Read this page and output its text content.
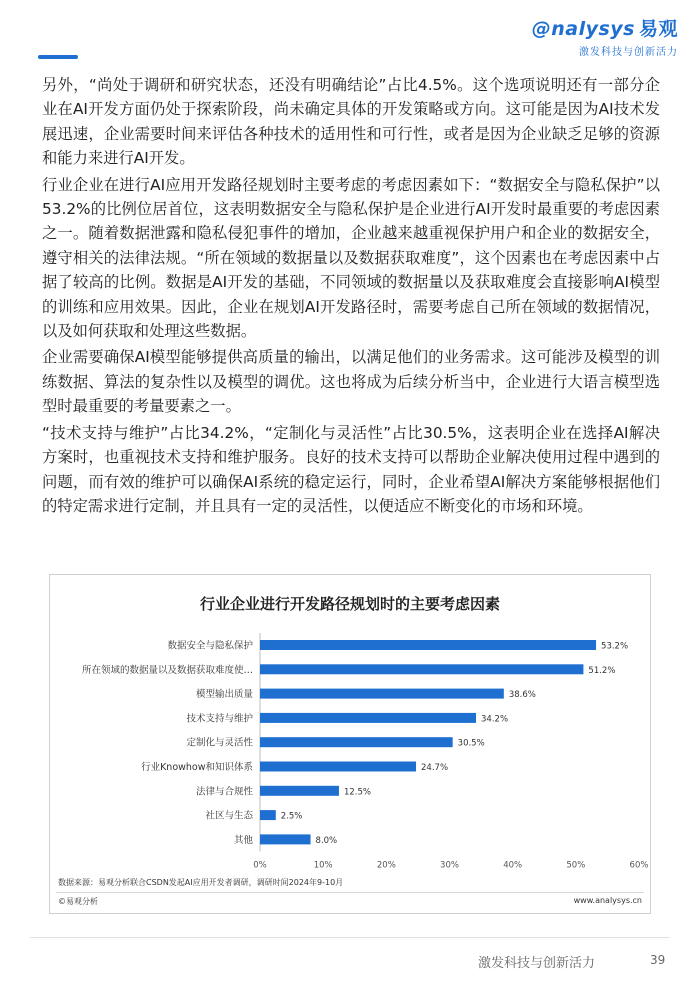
@nalysys 易观
激发科技与创新活力

另外，“尚处于调研和研究状态，还没有明确结论”占比4.5%。这个选项说明还有一部分企业在AI开发方面仍处于探索阶段，尚未确定具体的开发策略或方向。这可能是因为AI技术发展迅速，企业需要时间来评估各种技术的适用性和可行性，或者是因为企业缺乏足够的资源和能力来进行AI开发。

行业企业在进行AI应用开发路径规划时主要考虑的考虑因素如下：“数据安全与隐私保护”以53.2%的比例位居首位，这表明数据安全与隐私保护是企业进行AI开发时最重要的考虑因素之一。随着数据泄露和隐私侵犯事件的增加，企业越来越重视保护用户和企业的数据安全，遵守相关的法律法规。“所在领域的数据量以及数据获取难度”，这个因素也在考虑因素中占据了较高的比例。数据是AI开发的基础，不同领域的数据量以及获取难度会直接影响AI模型的训练和应用效果。因此，企业在规划AI开发路径时，需要考虑自己所在领域的数据情况，以及如何获取和处理这些数据。

企业需要确保AI模型能够提供高质量的输出，以满足他们的业务需求。这可能涉及模型的训练数据、算法的复杂性以及模型的调优。这也将成为后续分析当中，企业进行大语言模型选型时最重要的考量要素之一。

“技术支持与维护”占比34.2%，“定制化与灵活性”占比30.5%，这表明企业在选择AI解决方案时，也重视技术支持和维护服务。良好的技术支持可以帮助企业解决使用过程中遇到的问题，而有效的维护可以确保AI系统的稳定运行，同时，企业希望AI解决方案能够根据他们的特定需求进行定制，并且具有一定的灵活性，以便适应不断变化的市场和环境。

行业企业进行开发路径规划时的主要考虑因素
数据安全与隐私保护	53.2%
所在领域的数据量以及数据获取难度使…	51.2%
模型输出质量	38.6%
技术支持与维护	34.2%
定制化与灵活性	30.5%
行业Knowhow和知识体系	24.7%
法律与合规性	12.5%
社区与生态	2.5%
其他	8.0%
0%	10%	20%	30%	40%	50%	60%
数据来源：易观分析联合CSDN发起AI应用开发者调研，调研时间2024年9-10月
©易观分析	www.analysys.cn
激发科技与创新活力	39
